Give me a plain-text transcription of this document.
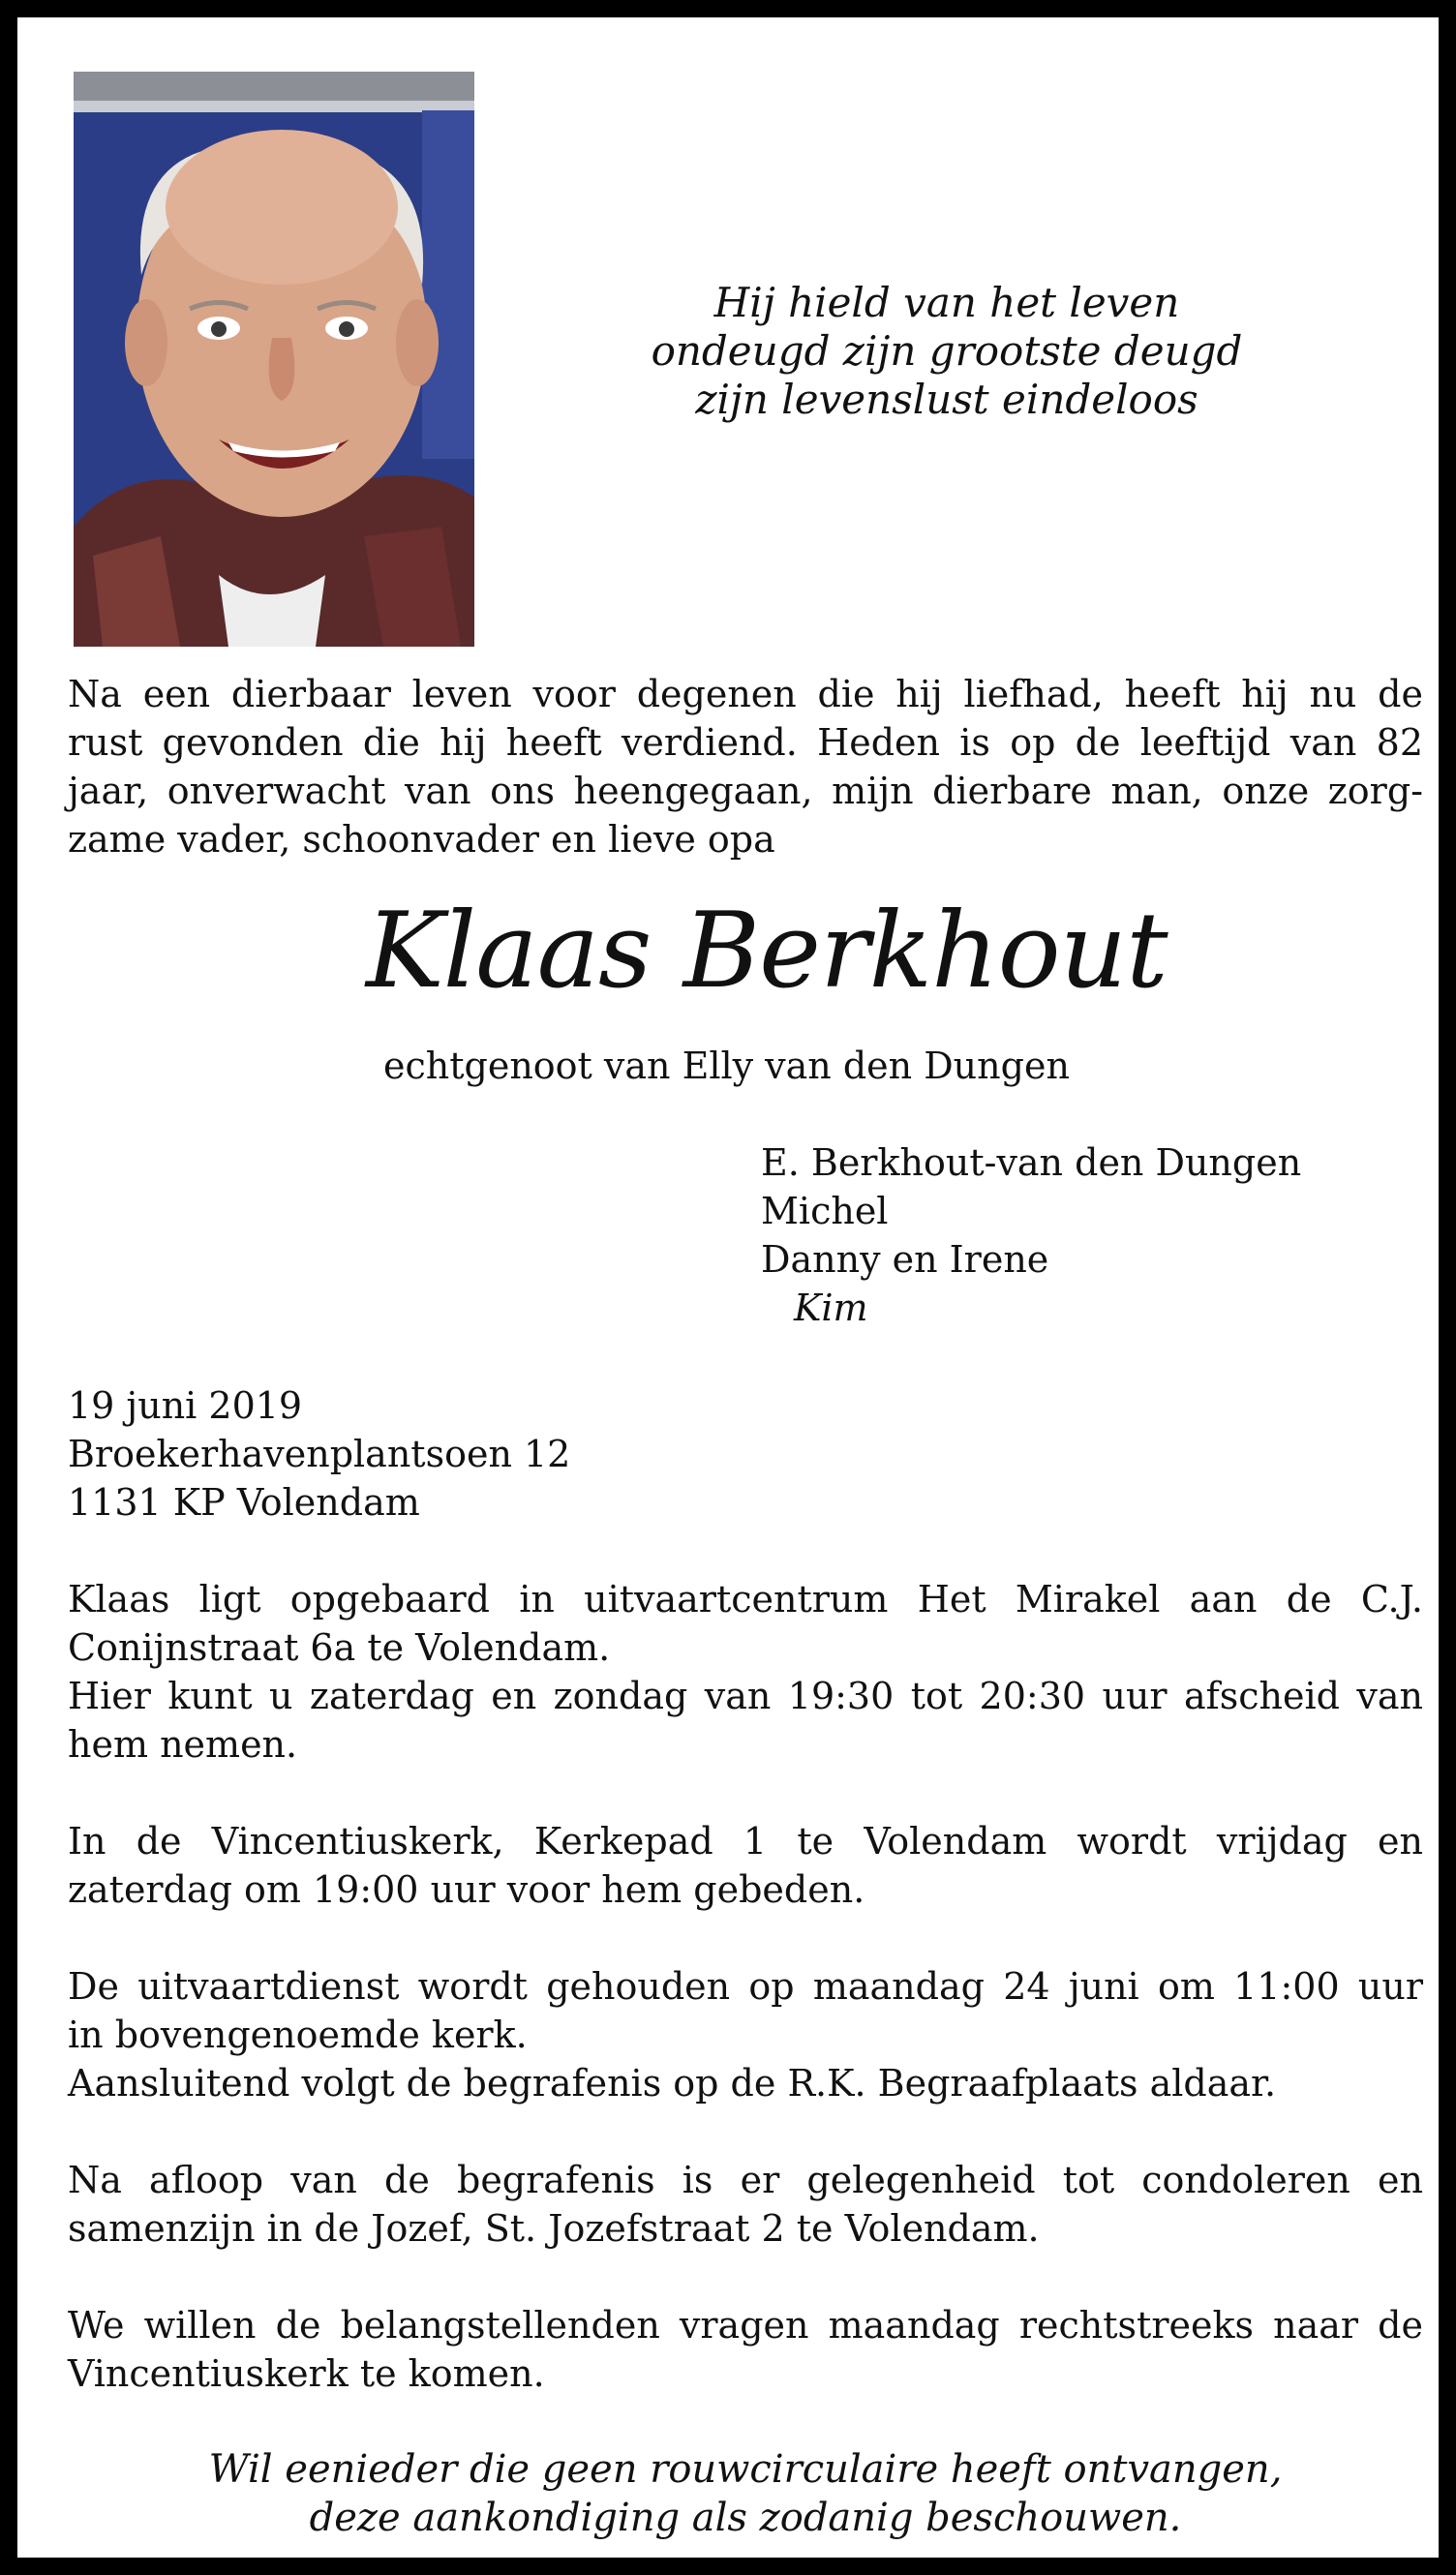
Hij hield van het leven
ondeugd zijn grootste deugd
zijn levenslust eindeloos
Na een dierbaar leven voor degenen die hij liefhad, heeft hij nu de
rust gevonden die hij heeft verdiend. Heden is op de leeftijd van 82
jaar, onverwacht van ons heengegaan, mijn dierbare man, onze zorg-
zame vader, schoonvader en lieve opa
Klaas Berkhout
echtgenoot van Elly van den Dungen
E. Berkhout-van den Dungen
Michel
Danny en Irene
Kim
19 juni 2019
Broekerhavenplantsoen 12
1131 KP Volendam
Klaas ligt opgebaard in uitvaartcentrum Het Mirakel aan de C.J.
Conijnstraat 6a te Volendam.
Hier kunt u zaterdag en zondag van 19:30 tot 20:30 uur afscheid van
hem nemen.
In de Vincentiuskerk, Kerkepad 1 te Volendam wordt vrijdag en
zaterdag om 19:00 uur voor hem gebeden.
De uitvaartdienst wordt gehouden op maandag 24 juni om 11:00 uur
in bovengenoemde kerk.
Aansluitend volgt de begrafenis op de R.K. Begraafplaats aldaar.
Na afloop van de begrafenis is er gelegenheid tot condoleren en
samenzijn in de Jozef, St. Jozefstraat 2 te Volendam.
We willen de belangstellenden vragen maandag rechtstreeks naar de
Vincentiuskerk te komen.
Wil eenieder die geen rouwcirculaire heeft ontvangen,
deze aankondiging als zodanig beschouwen.
